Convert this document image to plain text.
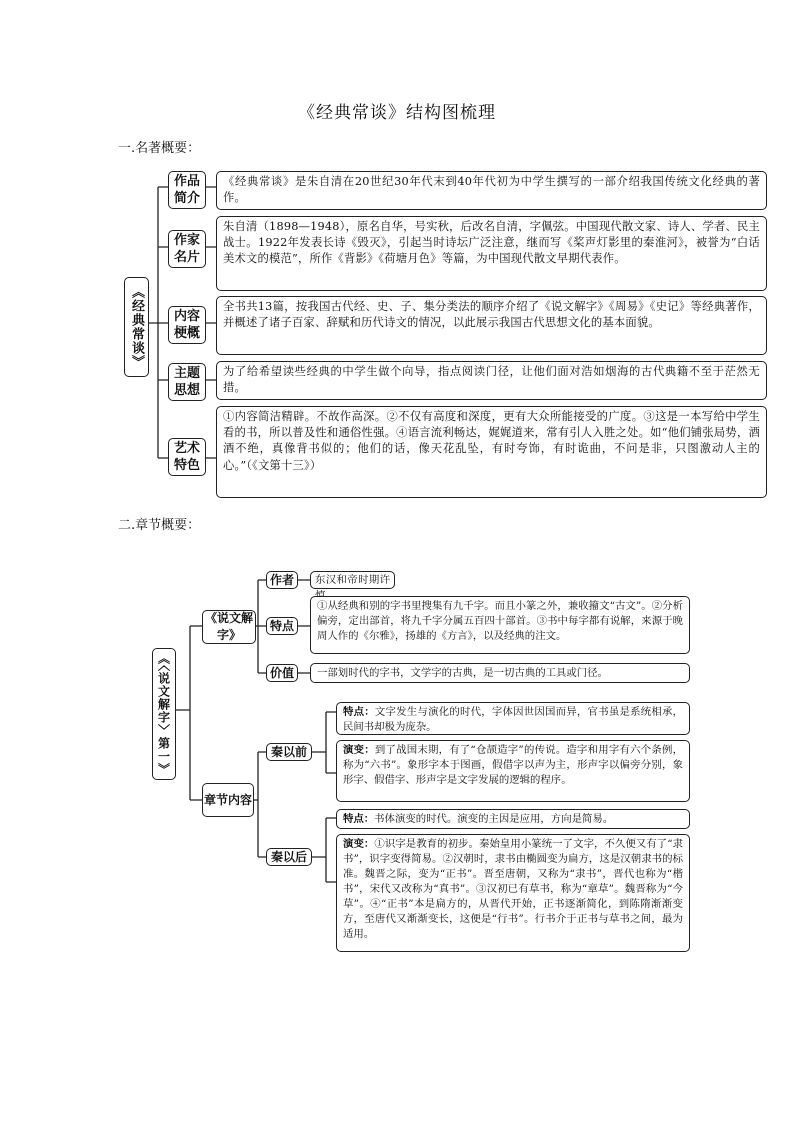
《经典常谈》结构图梳理
一.名著概要：
《经典常谈》
作品简介
《经典常谈》是朱自清在20世纪30年代末到40年代初为中学生撰写的一部介绍我国传统文化经典的著作。
作家名片
朱自清（1898—1948），原名自华，号实秋，后改名自清，字佩弦。中国现代散文家、诗人、学者、民主战士。1922年发表长诗《毁灭》，引起当时诗坛广泛注意，继而写《桨声灯影里的秦淮河》，被誉为“白话美术文的模范”，所作《背影》《荷塘月色》等篇，为中国现代散文早期代表作。
内容梗概
全书共13篇，按我国古代经、史、子、集分类法的顺序介绍了《说文解字》《周易》《史记》等经典著作，并概述了诸子百家、辞赋和历代诗文的情况，以此展示我国古代思想文化的基本面貌。
主题思想
为了给希望读些经典的中学生做个向导，指点阅读门径，让他们面对浩如烟海的古代典籍不至于茫然无措。
艺术特色
①内容简洁精辟。不故作高深。②不仅有高度和深度，更有大众所能接受的广度。③这是一本写给中学生看的书，所以普及性和通俗性强。④语言流利畅达，娓娓道来，常有引人入胜之处。如“他们铺张局势，酒酒不绝，真像背书似的；他们的话，像天花乱坠，有时夸饰，有时诡曲，不问是非，只图激动人主的心。”（《文第十三》）
二.章节概要：
《〈说文解字〉第一》
《说文解字》
作者	东汉和帝时期许
特点
①从经典和别的字书里搜集有九千字。而且小篆之外，兼收籀文“古文”。②分析偏旁，定出部首，将九千字分属五百四十部首。③书中每字都有说解，来源于晚周人作的《尔雅》，扬雄的《方言》，以及经典的注文。
价值	一部划时代的字书，文学字的古典，是一切古典的工具或门径。
章节内容
秦以前
特点：文字发生与演化的时代，字体因世因国而异，官书虽是系统相承，民间书却极为庞杂。
演变：到了战国末期，有了“仓颉造字”的传说。造字和用字有六个条例，称为“六书”。象形字本于图画，假借字以声为主，形声字以偏旁分别，象形字、假借字、形声字是文字发展的逻辑的程序。
秦以后
特点：书体演变的时代。演变的主因是应用，方向是简易。
演变：①识字是教育的初步。秦始皇用小篆统一了文字，不久便又有了“隶书”，识字变得简易。②汉朝时，隶书由椭圆变为扁方，这是汉朝隶书的标准。魏晋之际，变为“正书”。晋至唐朝，又称为“隶书”，晋代也称为“楷书”，宋代又改称为“真书”。③汉初已有草书，称为“章草”。魏晋称为“今草”。④“正书”本是扁方的，从晋代开始，正书逐渐简化，到陈隋渐渐变方，至唐代又渐渐变长，这便是“行书”。行书介于正书与草书之间，最为适用。
